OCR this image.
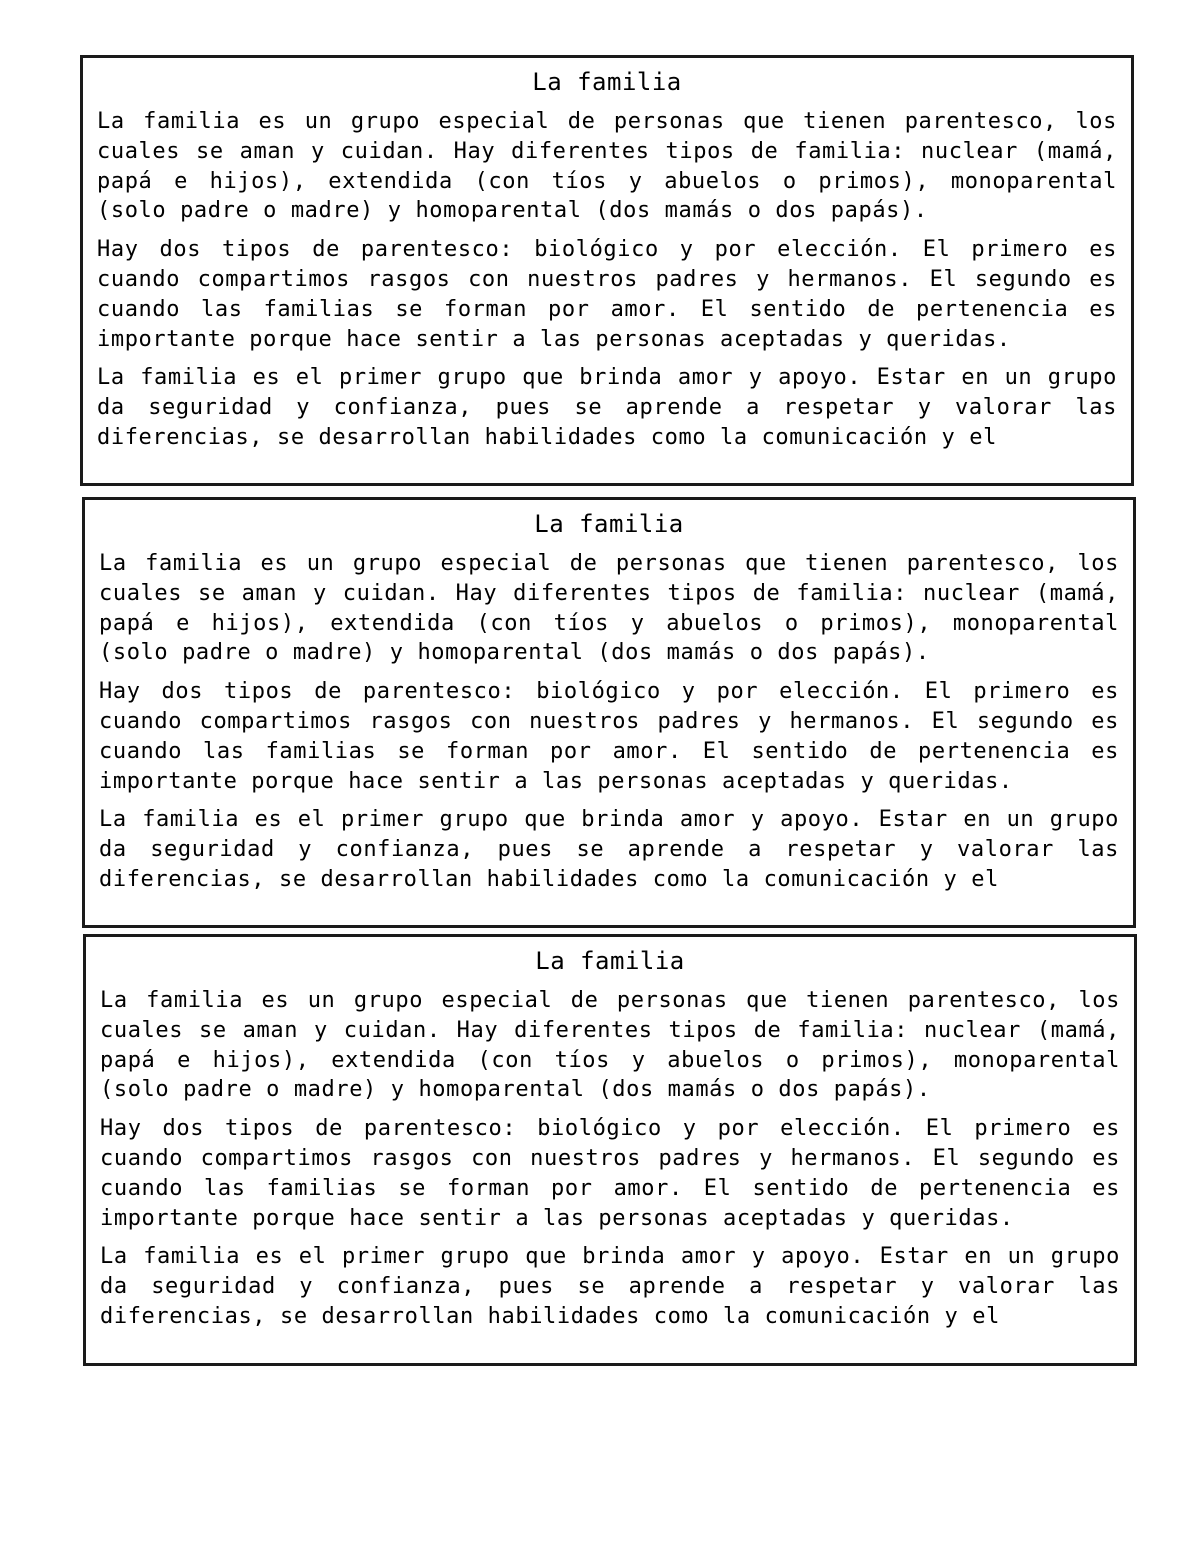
La familia

La familia es un grupo especial de personas que tienen parentesco, los cuales se aman y cuidan. Hay diferentes tipos de familia: nuclear (mamá, papá e hijos), extendida (con tíos y abuelos o primos), monoparental (solo padre o madre) y homoparental (dos mamás o dos papás).

Hay dos tipos de parentesco: biológico y por elección. El primero es cuando compartimos rasgos con nuestros padres y hermanos. El segundo es cuando las familias se forman por amor. El sentido de pertenencia es importante porque hace sentir a las personas aceptadas y queridas.

La familia es el primer grupo que brinda amor y apoyo. Estar en un grupo da seguridad y confianza, pues se aprende a respetar y valorar las diferencias, se desarrollan habilidades como la comunicación y el

La familia

La familia es un grupo especial de personas que tienen parentesco, los cuales se aman y cuidan. Hay diferentes tipos de familia: nuclear (mamá, papá e hijos), extendida (con tíos y abuelos o primos), monoparental (solo padre o madre) y homoparental (dos mamás o dos papás).

Hay dos tipos de parentesco: biológico y por elección. El primero es cuando compartimos rasgos con nuestros padres y hermanos. El segundo es cuando las familias se forman por amor. El sentido de pertenencia es importante porque hace sentir a las personas aceptadas y queridas.

La familia es el primer grupo que brinda amor y apoyo. Estar en un grupo da seguridad y confianza, pues se aprende a respetar y valorar las diferencias, se desarrollan habilidades como la comunicación y el

La familia

La familia es un grupo especial de personas que tienen parentesco, los cuales se aman y cuidan. Hay diferentes tipos de familia: nuclear (mamá, papá e hijos), extendida (con tíos y abuelos o primos), monoparental (solo padre o madre) y homoparental (dos mamás o dos papás).

Hay dos tipos de parentesco: biológico y por elección. El primero es cuando compartimos rasgos con nuestros padres y hermanos. El segundo es cuando las familias se forman por amor. El sentido de pertenencia es importante porque hace sentir a las personas aceptadas y queridas.

La familia es el primer grupo que brinda amor y apoyo. Estar en un grupo da seguridad y confianza, pues se aprende a respetar y valorar las diferencias, se desarrollan habilidades como la comunicación y el
